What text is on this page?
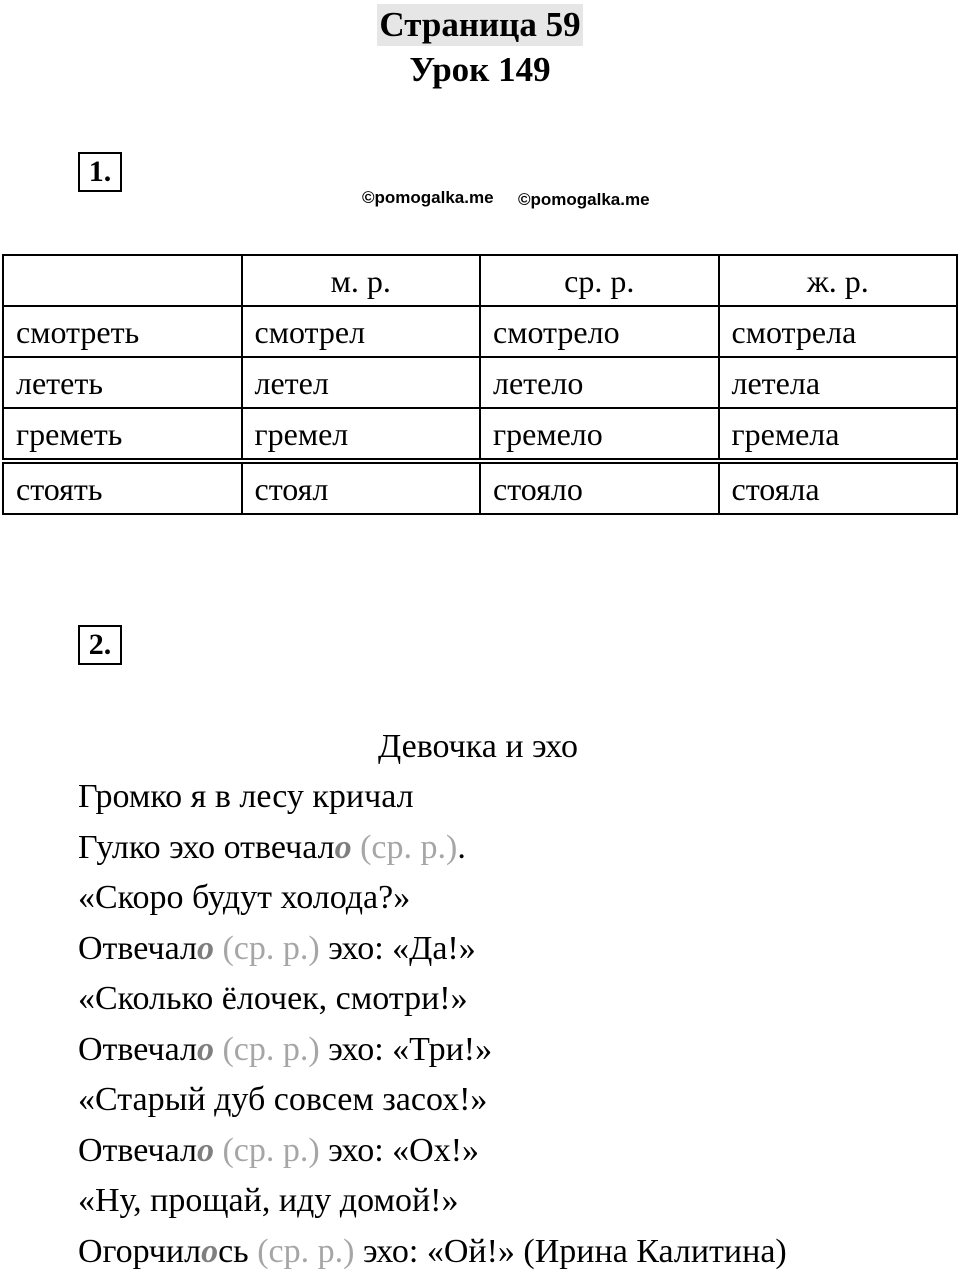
Страница 59
Урок 149
1.
©pomogalka.me ©pomogalka.me
	м. р.	ср. р.	ж. р.
смотреть	смотрел	смотрело	смотрела
лететь	летел	летело	летела
греметь	гремел	гремело	гремела
стоять	стоял	стояло	стояла
2.
Девочка и эхо
Громко я в лесу кричал
Гулко эхо отвечало (ср. р.).
«Скоро будут холода?»
Отвечало (ср. р.) эхо: «Да!»
«Сколько ёлочек, смотри!»
Отвечало (ср. р.) эхо: «Три!»
«Старый дуб совсем засох!»
Отвечало (ср. р.) эхо: «Ох!»
«Ну, прощай, иду домой!»
Огорчилось (ср. р.) эхо: «Ой!» (Ирина Калитина)
